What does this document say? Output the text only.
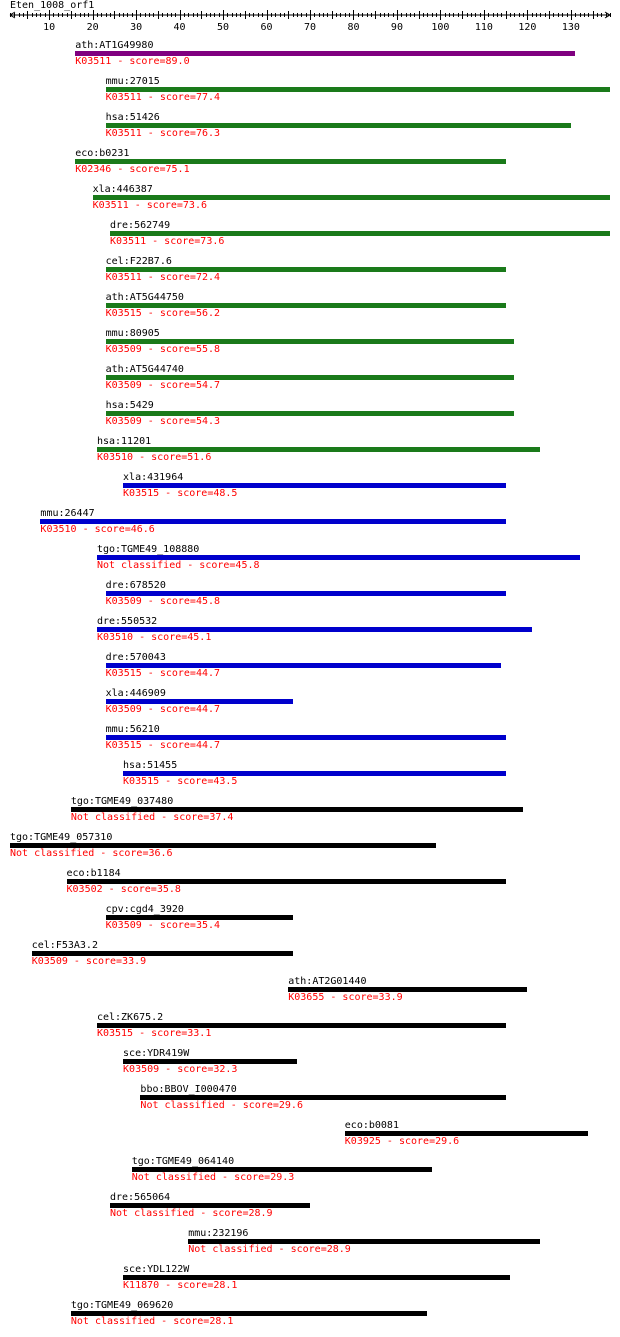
Eten_1008_orf1
10	20	30	40	50	60	70	80	90	100	110	120	130
ath:AT1G49980
K03511 - score=89.0
mmu:27015
K03511 - score=77.4
hsa:51426
K03511 - score=76.3
eco:b0231
K02346 - score=75.1
xla:446387
K03511 - score=73.6
dre:562749
K03511 - score=73.6
cel:F22B7.6
K03511 - score=72.4
ath:AT5G44750
K03515 - score=56.2
mmu:80905
K03509 - score=55.8
ath:AT5G44740
K03509 - score=54.7
hsa:5429
K03509 - score=54.3
hsa:11201
K03510 - score=51.6
xla:431964
K03515 - score=48.5
mmu:26447
K03510 - score=46.6
tgo:TGME49_108880
Not classified - score=45.8
dre:678520
K03509 - score=45.8
dre:550532
K03510 - score=45.1
dre:570043
K03515 - score=44.7
xla:446909
K03509 - score=44.7
mmu:56210
K03515 - score=44.7
hsa:51455
K03515 - score=43.5
tgo:TGME49_037480
Not classified - score=37.4
tgo:TGME49_057310
Not classified - score=36.6
eco:b1184
K03502 - score=35.8
cpv:cgd4_3920
K03509 - score=35.4
cel:F53A3.2
K03509 - score=33.9
ath:AT2G01440
K03655 - score=33.9
cel:ZK675.2
K03515 - score=33.1
sce:YDR419W
K03509 - score=32.3
bbo:BBOV_I000470
Not classified - score=29.6
eco:b0081
K03925 - score=29.6
tgo:TGME49_064140
Not classified - score=29.3
dre:565064
Not classified - score=28.9
mmu:232196
Not classified - score=28.9
sce:YDL122W
K11870 - score=28.1
tgo:TGME49_069620
Not classified - score=28.1
